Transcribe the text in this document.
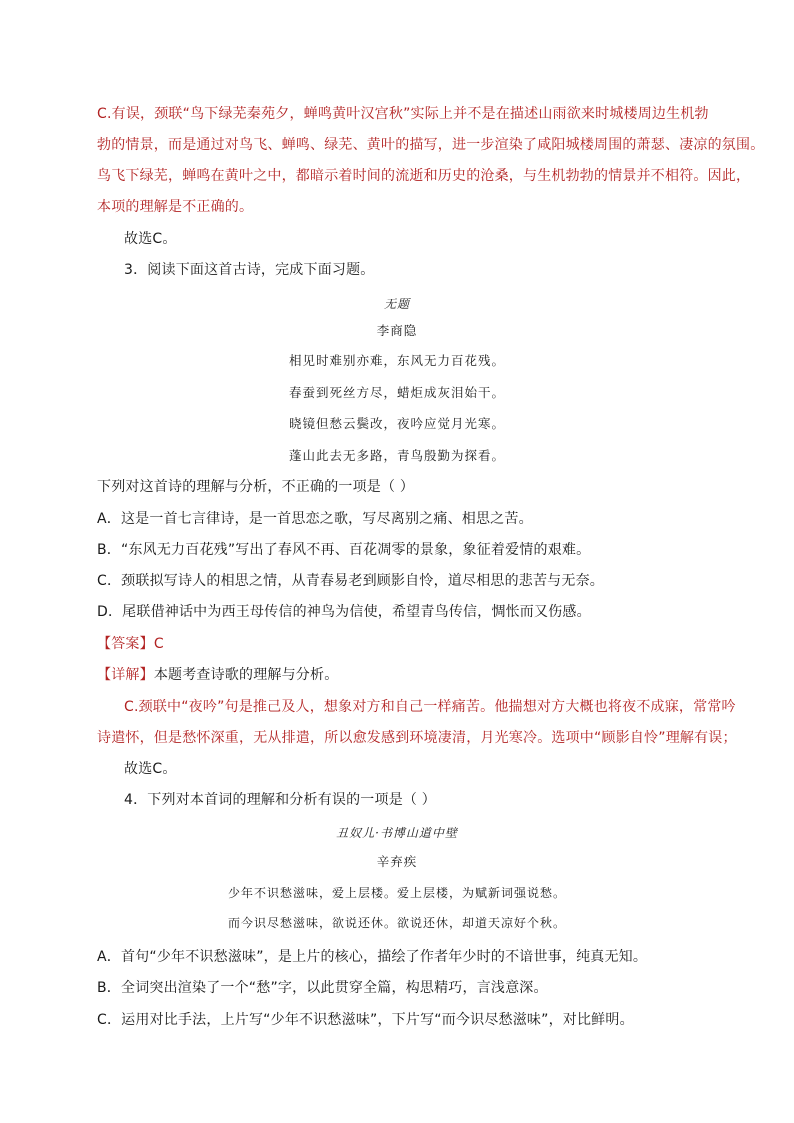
C.有误，颈联“鸟下绿芜秦苑夕，蝉鸣黄叶汉宫秋”实际上并不是在描述山雨欲来时城楼周边生机勃
勃的情景，而是通过对鸟飞、蝉鸣、绿芜、黄叶的描写，进一步渲染了咸阳城楼周围的萧瑟、凄凉的氛围。
鸟飞下绿芜，蝉鸣在黄叶之中，都暗示着时间的流逝和历史的沧桑，与生机勃勃的情景并不相符。因此，
本项的理解是不正确的。
故选C。
3．阅读下面这首古诗，完成下面习题。
无题
李商隐
相见时难别亦难，东风无力百花残。
春蚕到死丝方尽，蜡炬成灰泪始干。
晓镜但愁云鬓改，夜吟应觉月光寒。
蓬山此去无多路，青鸟殷勤为探看。
下列对这首诗的理解与分析，不正确的一项是（ ）
A．这是一首七言律诗，是一首思恋之歌，写尽离别之痛、相思之苦。
B．“东风无力百花残”写出了春风不再、百花凋零的景象，象征着爱情的艰难。
C．颈联拟写诗人的相思之情，从青春易老到顾影自怜，道尽相思的悲苦与无奈。
D．尾联借神话中为西王母传信的神鸟为信使，希望青鸟传信，惆怅而又伤感。
【答案】C
【详解】本题考查诗歌的理解与分析。
C.颈联中“夜吟”句是推己及人，想象对方和自己一样痛苦。他揣想对方大概也将夜不成寐，常常吟
诗遣怀，但是愁怀深重，无从排遣，所以愈发感到环境凄清，月光寒冷。选项中“顾影自怜”理解有误；
故选C。
4．下列对本首词的理解和分析有误的一项是（ ）
丑奴儿·书博山道中壁
辛弃疾
少年不识愁滋味，爱上层楼。爱上层楼，为赋新词强说愁。
而今识尽愁滋味，欲说还休。欲说还休，却道天凉好个秋。
A．首句“少年不识愁滋味”，是上片的核心，描绘了作者年少时的不谙世事，纯真无知。
B．全词突出渲染了一个“愁”字，以此贯穿全篇，构思精巧，言浅意深。
C．运用对比手法，上片写“少年不识愁滋味”，下片写“而今识尽愁滋味”，对比鲜明。
